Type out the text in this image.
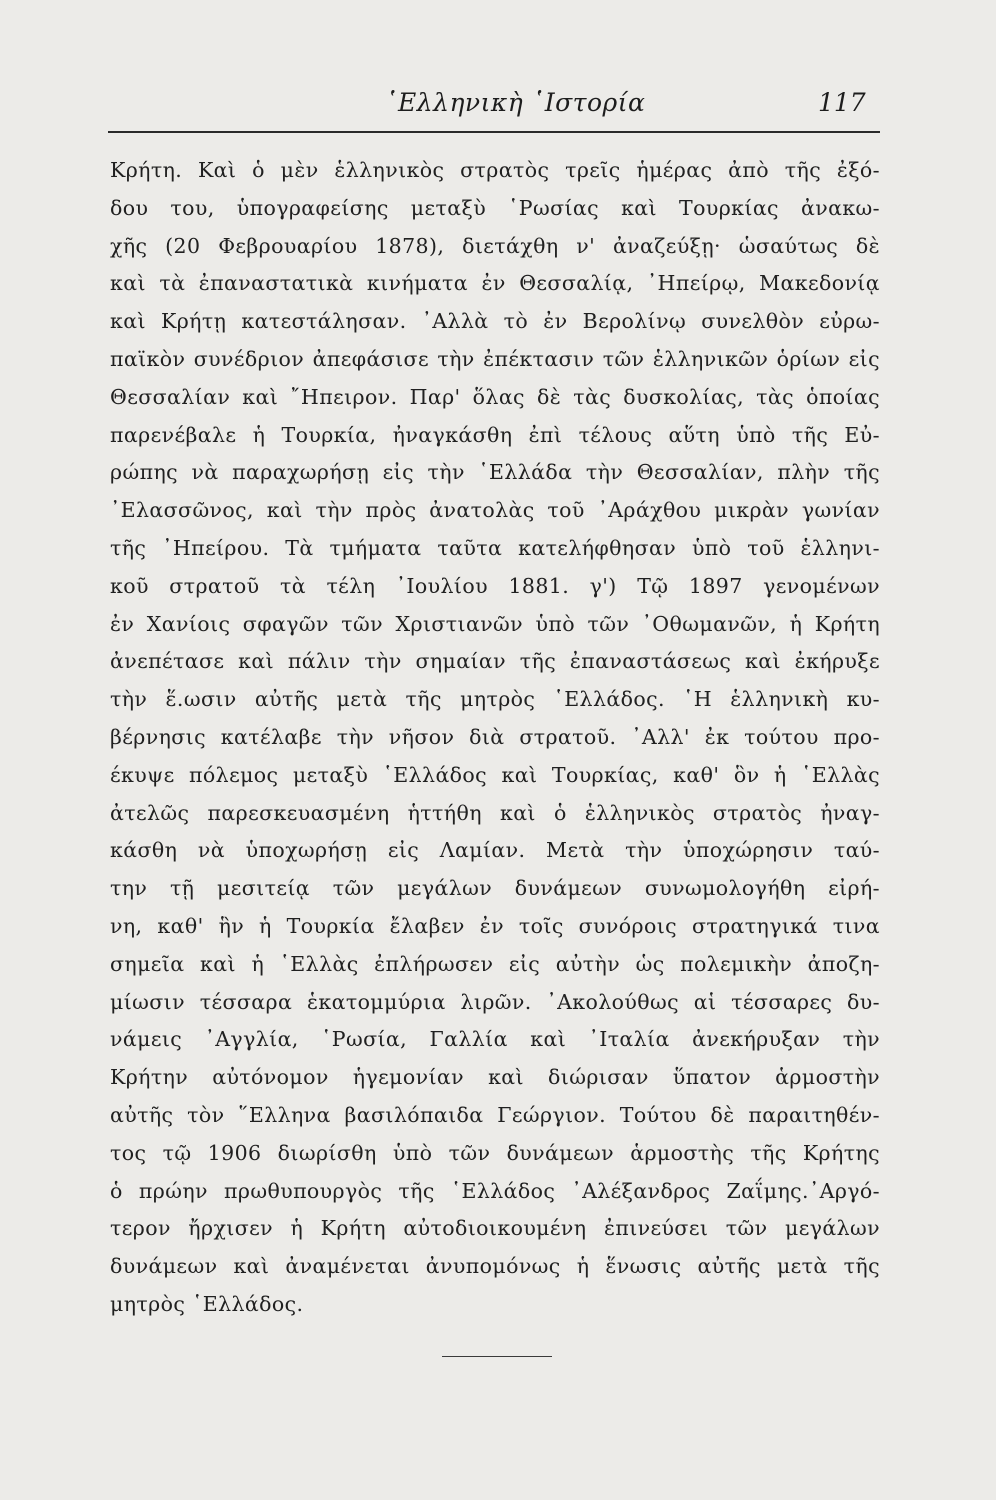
῾Ελληνικὴ ῾Ιστορία	117
Κρήτη. Καὶ ὁ μὲν ἑλληνικὸς στρατὸς τρεῖς ἡμέρας ἀπὸ τῆς ἐξό-
δου του, ὑπογραφείσης μεταξὺ ῾Ρωσίας καὶ Τουρκίας ἀνακω-
χῆς (20 Φεβρουαρίου 1878), διετάχθη ν' ἀναζεύξῃ· ὡσαύτως δὲ
καὶ τὰ ἐπαναστατικὰ κινήματα ἐν Θεσσαλίᾳ, ᾿Ηπείρῳ, Μακεδονίᾳ
καὶ Κρήτῃ κατεστάλησαν. ᾿Αλλὰ τὸ ἐν Βερολίνῳ συνελθὸν εὐρω-
παϊκὸν συνέδριον ἀπεφάσισε τὴν ἐπέκτασιν τῶν ἑλληνικῶν ὁρίων εἰς
Θεσσαλίαν καὶ ῎Ηπειρον. Παρ' ὅλας δὲ τὰς δυσκολίας, τὰς ὁποίας
παρενέβαλε ἡ Τουρκία, ἠναγκάσθη ἐπὶ τέλους αὕτη ὑπὸ τῆς Εὐ-
ρώπης νὰ παραχωρήσῃ εἰς τὴν ῾Ελλάδα τὴν Θεσσαλίαν, πλὴν τῆς
᾿Ελασσῶνος, καὶ τὴν πρὸς ἀνατολὰς τοῦ ᾿Αράχθου μικρὰν γωνίαν
τῆς ᾿Ηπείρου. Τὰ τμήματα ταῦτα κατελήφθησαν ὑπὸ τοῦ ἑλληνι-
κοῦ στρατοῦ τὰ τέλη ᾿Ιουλίου 1881. γ') Τῷ 1897 γενομένων
ἐν Χανίοις σφαγῶν τῶν Χριστιανῶν ὑπὸ τῶν ᾿Οθωμανῶν, ἡ Κρήτη
ἀνεπέτασε καὶ πάλιν τὴν σημαίαν τῆς ἐπαναστάσεως καὶ ἐκήρυξε
τὴν ἕ.ωσιν αὐτῆς μετὰ τῆς μητρὸς ῾Ελλάδος. ῾Η ἑλληνικὴ κυ-
βέρνησις κατέλαβε τὴν νῆσον διὰ στρατοῦ. ᾿Αλλ' ἐκ τούτου προ-
έκυψε πόλεμος μεταξὺ ῾Ελλάδος καὶ Τουρκίας, καθ' ὃν ἡ ῾Ελλὰς
ἀτελῶς παρεσκευασμένη ἡττήθη καὶ ὁ ἑλληνικὸς στρατὸς ἠναγ-
κάσθη νὰ ὑποχωρήσῃ εἰς Λαμίαν. Μετὰ τὴν ὑποχώρησιν ταύ-
την τῇ μεσιτείᾳ τῶν μεγάλων δυνάμεων συνωμολογήθη εἰρή-
νη, καθ' ἣν ἡ Τουρκία ἔλαβεν ἐν τοῖς συνόροις στρατηγικά τινα
σημεῖα καὶ ἡ ῾Ελλὰς ἐπλήρωσεν εἰς αὐτὴν ὡς πολεμικὴν ἀποζη-
μίωσιν τέσσαρα ἑκατομμύρια λιρῶν. ᾿Ακολούθως αἱ τέσσαρες δυ-
νάμεις ᾿Αγγλία, ῾Ρωσία, Γαλλία καὶ ᾿Ιταλία ἀνεκήρυξαν τὴν
Κρήτην αὐτόνομον ἡγεμονίαν καὶ διώρισαν ὕπατον ἁρμοστὴν
αὐτῆς τὸν ῞Ελληνα βασιλόπαιδα Γεώργιον. Τούτου δὲ παραιτηθέν-
τος τῷ 1906 διωρίσθη ὑπὸ τῶν δυνάμεων ἁρμοστὴς τῆς Κρήτης
ὁ πρώην πρωθυπουργὸς τῆς ῾Ελλάδος ᾿Αλέξανδρος Ζαΐμης.᾿Αργό-
τερον ἤρχισεν ἡ Κρήτη αὐτοδιοικουμένη ἐπινεύσει τῶν μεγάλων
δυνάμεων καὶ ἀναμένεται ἀνυπομόνως ἡ ἕνωσις αὐτῆς μετὰ τῆς
μητρὸς ῾Ελλάδος.
